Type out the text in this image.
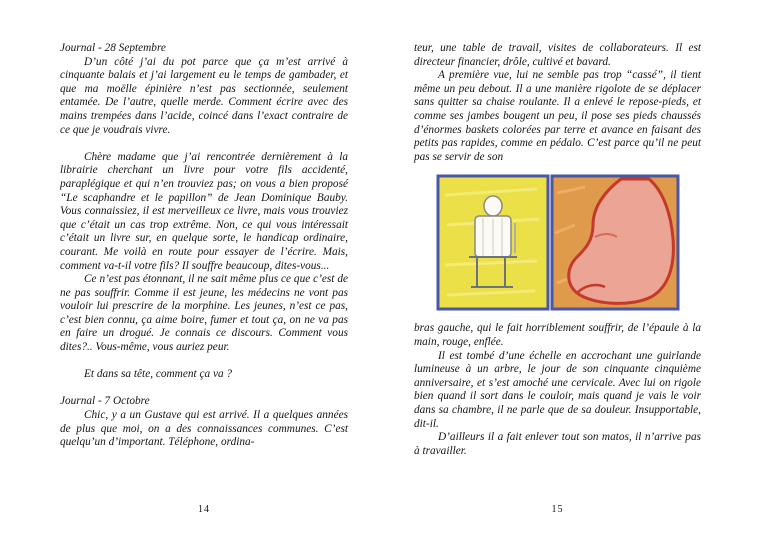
Journal - 28 Septembre

D’un côté j’ai du pot parce que ça m’est arrivé à cinquante balais et j’ai largement eu le temps de gambader, et que ma moëlle épinière n’est pas sectionnée, seulement entamée. De l’autre, quelle merde. Comment écrire avec des mains trempées dans l’acide, coincé dans l’exact contraire de ce que je voudrais vivre.

Chère madame que j’ai rencontrée dernièrement à la librairie cherchant un livre pour votre fils accidenté, paraplégique et qui n’en trouviez pas; on vous a bien proposé “Le scaphandre et le papillon” de Jean Dominique Bauby. Vous connaissiez, il est merveilleux ce livre, mais vous trouviez que c’était un cas trop extrême. Non, ce qui vous intéressait c’était un livre sur, en quelque sorte, le handicap ordinaire, courant. Me voilà en route pour essayer de l’écrire. Mais, comment va-t-il votre fils? Il souffre beaucoup, dites-vous...

Ce n’est pas étonnant, il ne sait même plus ce que c’est de ne pas souffrir. Comme il est jeune, les médecins ne vont pas vouloir lui prescrire de la morphine. Les jeunes, n’est ce pas, c’est bien connu, ça aime boire, fumer et tout ça, on ne va pas en faire un drogué. Je connais ce discours. Comment vous dites?.. Vous-même, vous auriez peur.

Et dans sa tête, comment ça va ?

Journal - 7 Octobre

Chic, y a un Gustave qui est arrivé. Il a quelques années de plus que moi, on a des connaissances communes. C’est quelqu’un d’important. Téléphone, ordina-

14

teur, une table de travail, visites de collaborateurs. Il est directeur financier, drôle, cultivé et bavard.

A première vue, lui ne semble pas trop “cassé”, il tient même un peu debout. Il a une manière rigolote de se déplacer sans quitter sa chaise roulante. Il a enlevé le repose-pieds, et comme ses jambes bougent un peu, il pose ses pieds chaussés d’énormes baskets colorées par terre et avance en faisant des petits pas rapides, comme en pédalo. C’est parce qu’il ne peut pas se servir de son

bras gauche, qui le fait horriblement souffrir, de l’épaule à la main, rouge, enflée.

Il est tombé d’une échelle en accrochant une guirlande lumineuse à un arbre, le jour de son cinquante cinquième anniversaire, et s’est amoché une cervicale. Avec lui on rigole bien quand il sort dans le couloir, mais quand je vais le voir dans sa chambre, il ne parle que de sa douleur. Insupportable, dit-il.

D’ailleurs il a fait enlever tout son matos, il n’arrive pas à travailler.

15
